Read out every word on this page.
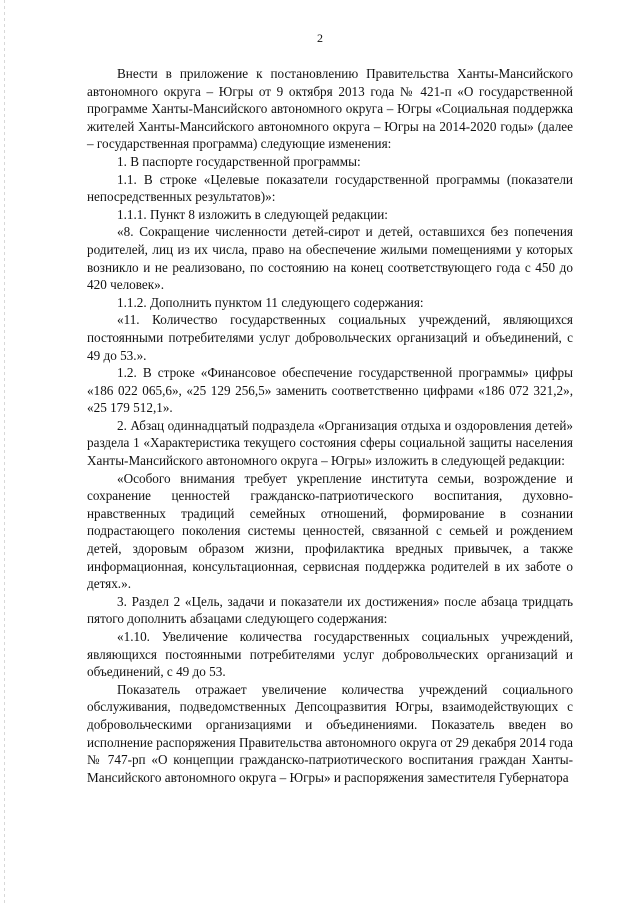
2

Внести в приложение к постановлению Правительства Ханты-Мансийского автономного округа – Югры от 9 октября 2013 года № 421-п «О государственной программе Ханты-Мансийского автономного округа – Югры «Социальная поддержка жителей Ханты-Мансийского автономного округа – Югры на 2014-2020 годы» (далее – государственная программа) следующие изменения:

1. В паспорте государственной программы:

1.1. В строке «Целевые показатели государственной программы (показатели непосредственных результатов)»:

1.1.1. Пункт 8 изложить в следующей редакции:

«8. Сокращение численности детей-сирот и детей, оставшихся без попечения родителей, лиц из их числа, право на обеспечение жилыми помещениями у которых возникло и не реализовано, по состоянию на конец соответствующего года с 450 до 420 человек».

1.1.2. Дополнить пунктом 11 следующего содержания:

«11. Количество государственных социальных учреждений, являющихся постоянными потребителями услуг добровольческих организаций и объединений, с 49 до 53.».

1.2. В строке «Финансовое обеспечение государственной программы» цифры «186 022 065,6», «25 129 256,5» заменить соответственно цифрами «186 072 321,2», «25 179 512,1».

2. Абзац одиннадцатый подраздела «Организация отдыха и оздоровления детей» раздела 1 «Характеристика текущего состояния сферы социальной защиты населения Ханты-Мансийского автономного округа – Югры» изложить в следующей редакции:

«Особого внимания требует укрепление института семьи, возрождение и сохранение ценностей гражданско-патриотического воспитания, духовно-нравственных традиций семейных отношений, формирование в сознании подрастающего поколения системы ценностей, связанной с семьей и рождением детей, здоровым образом жизни, профилактика вредных привычек, а также информационная, консультационная, сервисная поддержка родителей в их заботе о детях.».

3. Раздел 2 «Цель, задачи и показатели их достижения» после абзаца тридцать пятого дополнить абзацами следующего содержания:

«1.10. Увеличение количества государственных социальных учреждений, являющихся постоянными потребителями услуг добровольческих организаций и объединений, с 49 до 53.

Показатель отражает увеличение количества учреждений социального обслуживания, подведомственных Депсоцразвития Югры, взаимодействующих с добровольческими организациями и объединениями. Показатель введен во исполнение распоряжения Правительства автономного округа от 29 декабря 2014 года № 747-рп «О концепции гражданско-патриотического воспитания граждан Ханты-Мансийского автономного округа – Югры» и распоряжения заместителя Губернатора
